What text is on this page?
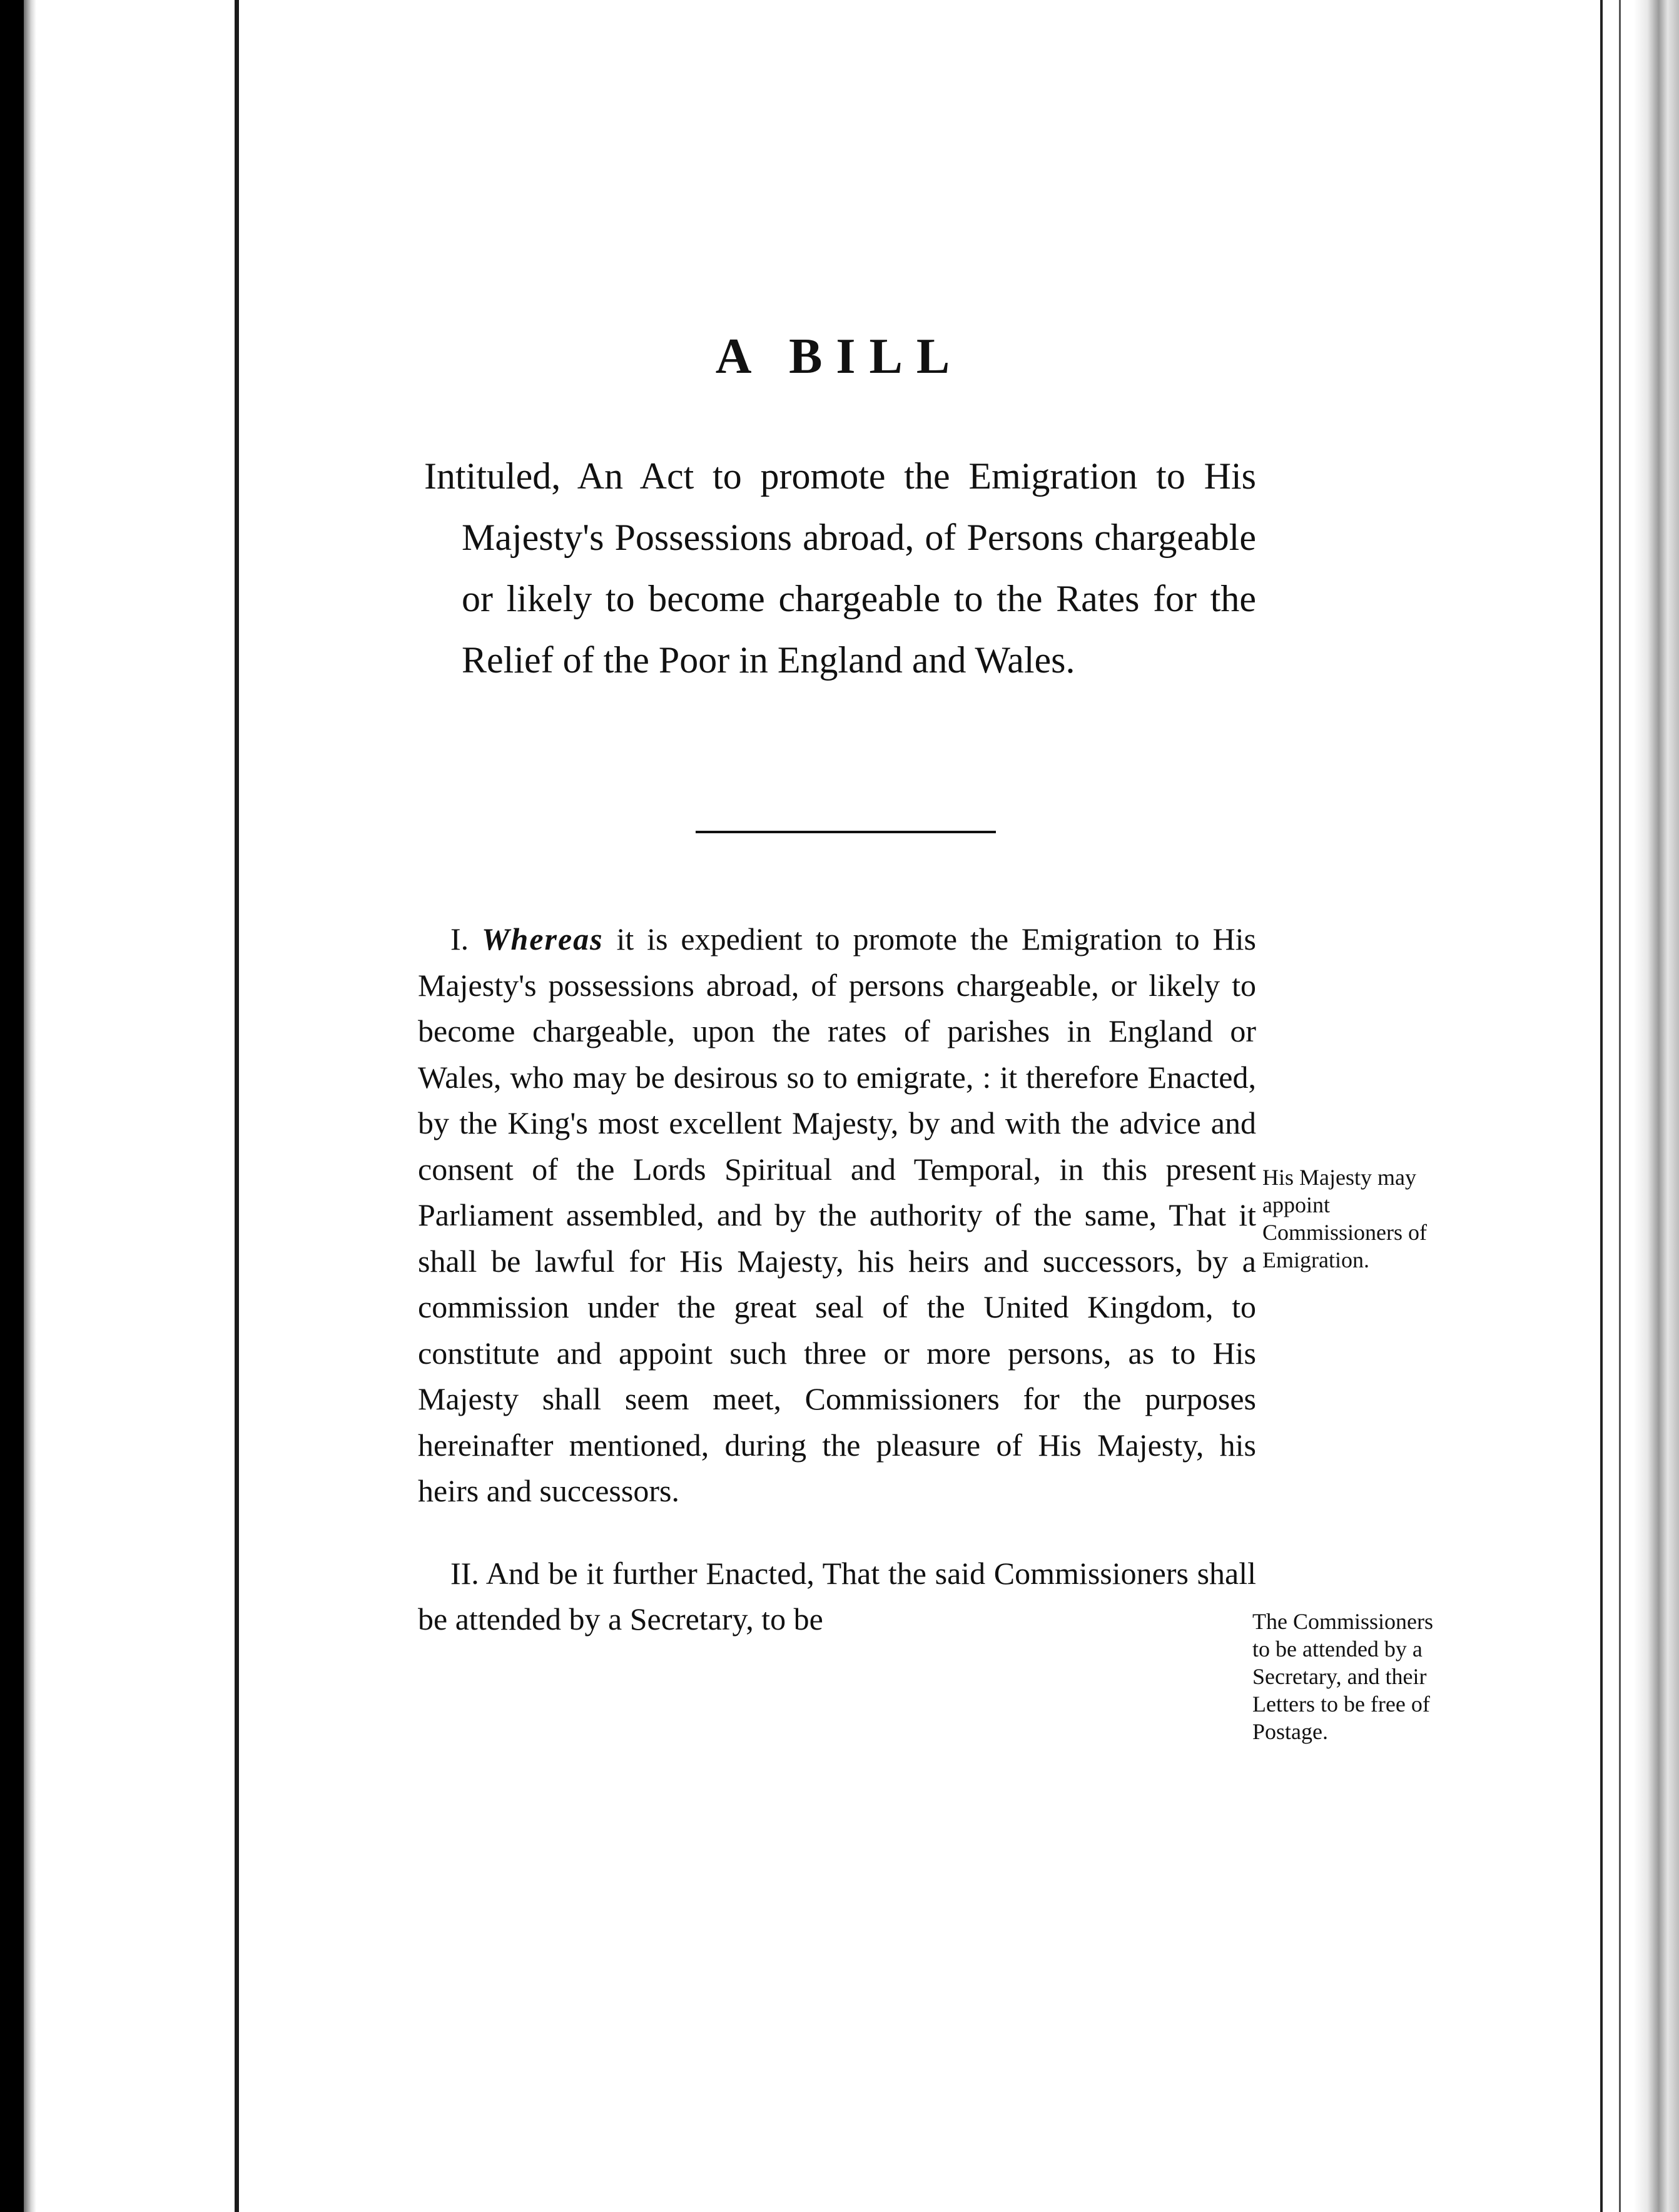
A BILL

Intituled, An Act to promote the Emigration to His Majesty's Possessions abroad, of Persons chargeable or likely to become chargeable to the Rates for the Relief of the Poor in England and Wales.

I. Whereas it is expedient to promote the Emigration to His Majesty's possessions abroad, of persons chargeable, or likely to become chargeable, upon the rates of parishes in England or Wales, who may be desirous so to emigrate, : it therefore Enacted, by the King's most excellent Majesty, by and with the advice and consent of the Lords Spiritual and Temporal, in this present Parliament assembled, and by the authority of the same, That it shall be lawful for His Majesty, his heirs and successors, by a commission under the great seal of the United Kingdom, to constitute and appoint such three or more persons, as to His Majesty shall seem meet, Commissioners for the purposes hereinafter mentioned, during the pleasure of His Majesty, his heirs and successors.

II. And be it further Enacted, That the said Commissioners shall be attended by a Secretary, to be

His Majesty may appoint Commissioners of Emigration.

The Commissioners to be attended by a Secretary, and their Letters to be free of Postage.
